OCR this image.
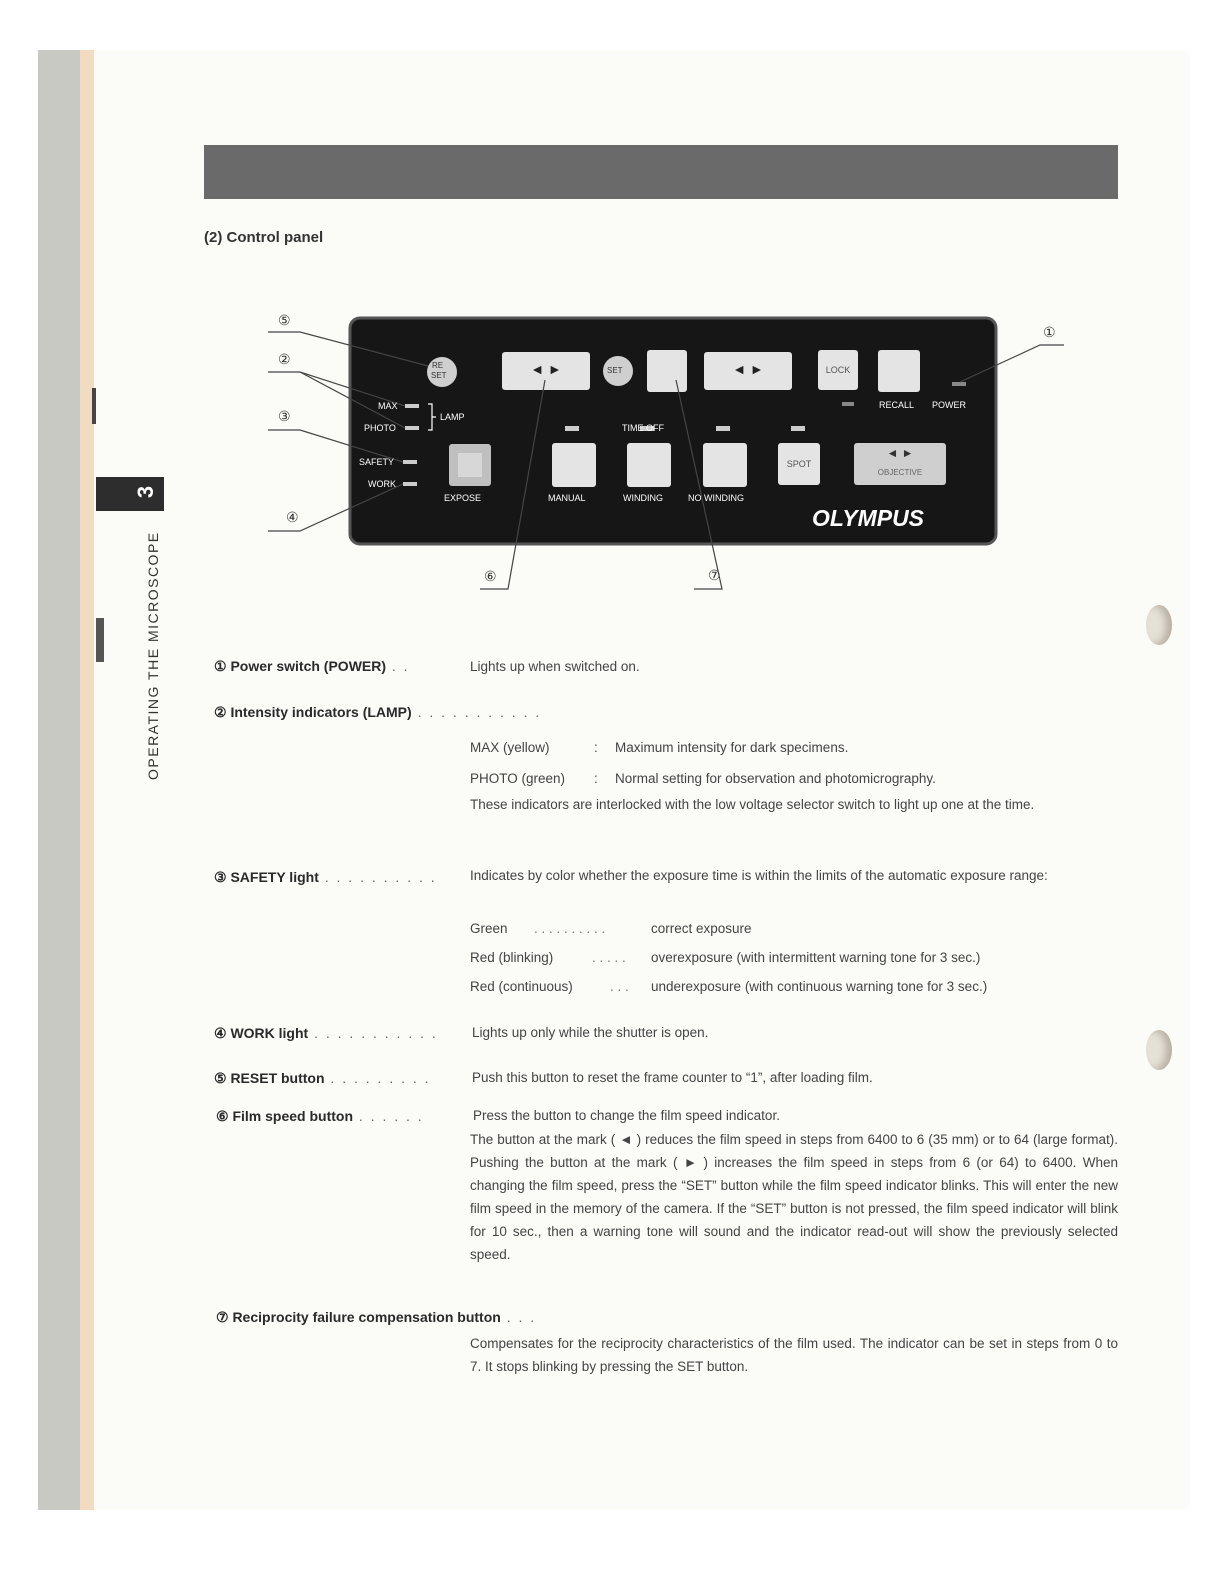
(2) Control panel
3
OPERATING THE MICROSCOPE
RE
SET	◄ ►	SET	◄ ►	LOCK
RECALL POWER
MAX
PHOTO
LAMP
SAFETY
WORK
TIME OFF
EXPOSE	MANUAL	WINDING	NO WINDING
SPOT
◄ ►
OBJECTIVE
OLYMPUS
⑤
②
③
④
①
⑥	⑦
① Power switch (POWER) . .	Lights up when switched on.
② Intensity indicators (LAMP) . . . . . . . . . . .
MAX (yellow)	: Maximum intensity for dark specimens.
PHOTO (green) : Normal setting for observation and photomicrography.
These indicators are interlocked with the low voltage selector switch to light up one at the time.
③ SAFETY light . . . . . . . . . . Indicates by color whether the exposure time is within the limits of the automatic exposure range:
Green . . . . . . . . . .	correct exposure
Red (blinking)	. . . . . overexposure (with intermittent warning tone for 3 sec.)
Red (continuous)	. . . underexposure (with continuous warning tone for 3 sec.)
④ WORK light . . . . . . . . . . .	Lights up only while the shutter is open.
⑤ RESET button . . . . . . . . .	Push this button to reset the frame counter to “1”, after loading film.
⑥ Film speed button . . . . . .	Press the button to change the film speed indicator.
The button at the mark ( ◄ ) reduces the film speed in steps from 6400 to 6 (35 mm) or to 64 (large format). Pushing the button at the mark ( ► ) increases the film speed in steps from 6 (or 64) to 6400. When changing the film speed, press the “SET” button while the film speed indicator blinks. This will enter the new film speed in the memory of the camera. If the “SET” button is not pressed, the film speed indicator will blink for 10 sec., then a warning tone will sound and the indicator read-out will show the previously selected speed.
⑦ Reciprocity failure compensation button . . .
Compensates for the reciprocity characteristics of the film used. The indicator can be set in steps from 0 to 7. It stops blinking by pressing the SET button.
